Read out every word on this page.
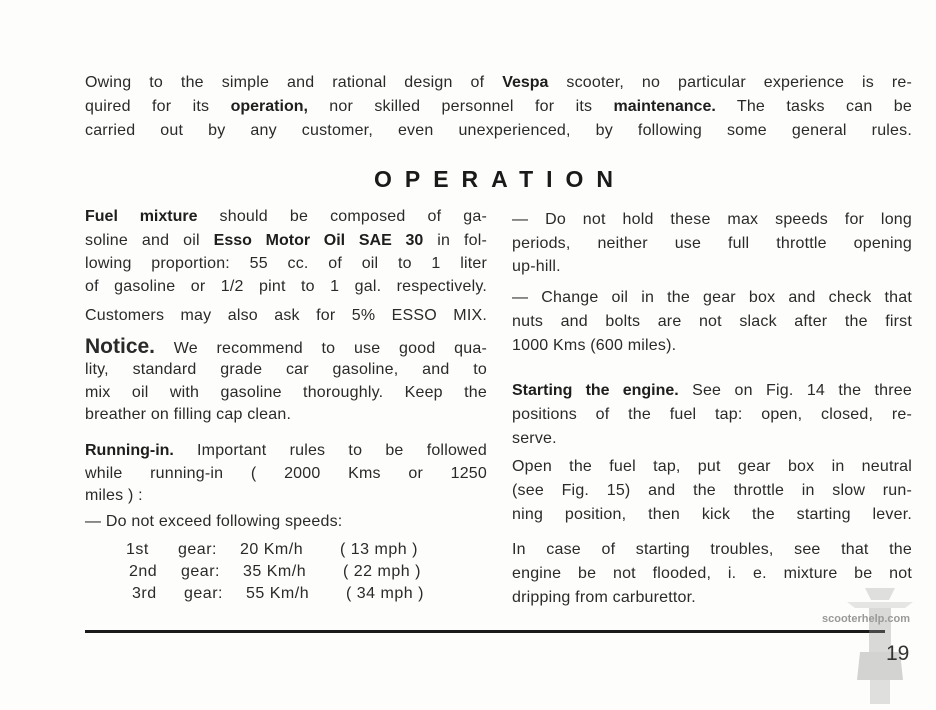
OPERATION
1st gear: 20 Km/h ( 13 mph )
2nd gear: 35 Km/h ( 22 mph )
3rd gear: 55 Km/h ( 34 mph )
scooterhelp.com
19
Owing to the simple and rational design of Vespa scooter, no particular experience is re-
quired for its operation, nor skilled personnel for its maintenance. The tasks can be
carried out by any customer, even unexperienced, by following some general rules.
Fuel mixture should be composed of ga-
soline and oil Esso Motor Oil SAE 30 in fol-
lowing proportion: 55 cc. of oil to 1 liter
of gasoline or 1/2 pint to 1 gal. respectively.
Customers may also ask for 5% ESSO MIX.
Notice. We recommend to use good qua-
lity, standard grade car gasoline, and to
mix oil with gasoline thoroughly. Keep the
breather on filling cap clean.
Running-in. Important rules to be followed
while running-in ( 2000 Kms or 1250
miles ) :
— Do not exceed following speeds:
— Do not hold these max speeds for long
periods, neither use full throttle opening
up-hill.
— Change oil in the gear box and check that
nuts and bolts are not slack after the first
1000 Kms (600 miles).
Starting the engine. See on Fig. 14 the three
positions of the fuel tap: open, closed, re-
serve.
Open the fuel tap, put gear box in neutral
(see Fig. 15) and the throttle in slow run-
ning position, then kick the starting lever.
In case of starting troubles, see that the
engine be not flooded, i. e. mixture be not
dripping from carburettor.
